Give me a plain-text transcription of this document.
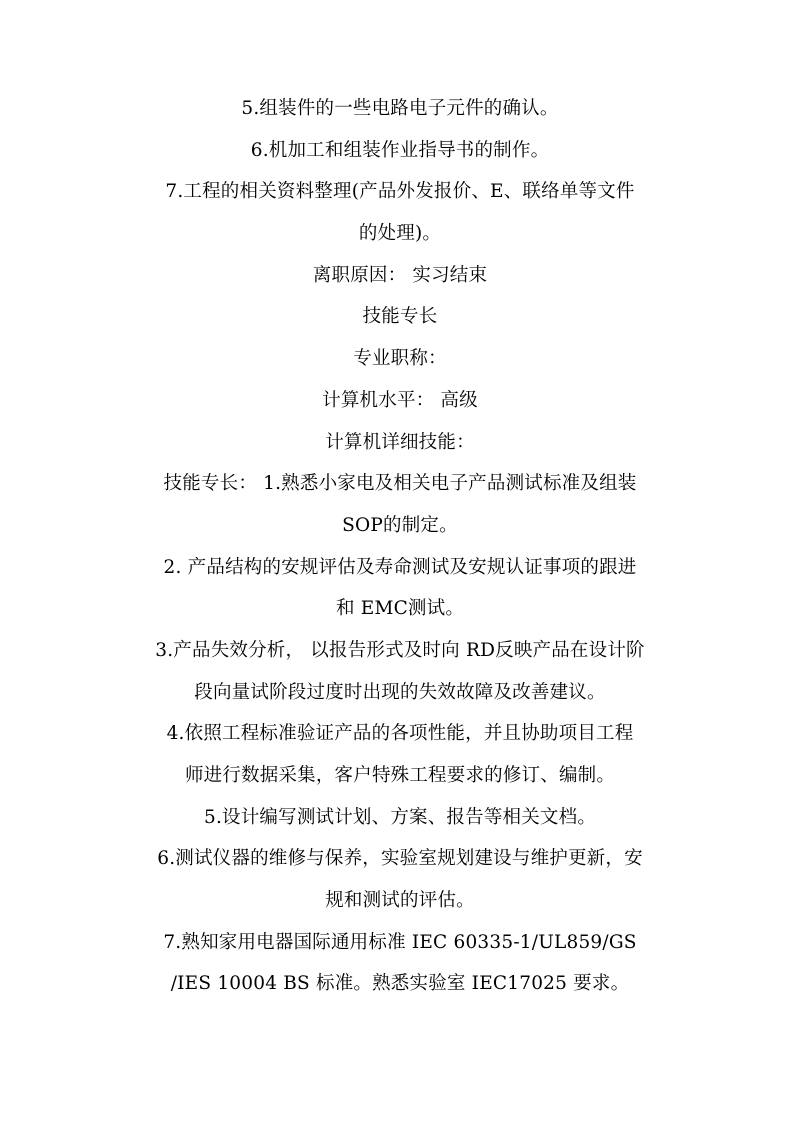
5.组装件的一些电路电子元件的确认。
6.机加工和组装作业指导书的制作。
7.工程的相关资料整理(产品外发报价、E、联络单等文件
的处理)。
离职原因： 实习结束
技能专长
专业职称：
计算机水平： 高级
计算机详细技能：
技能专长： 1.熟悉小家电及相关电子产品测试标准及组装
SOP的制定。
2. 产品结构的安规评估及寿命测试及安规认证事项的跟进
和 EMC测试。
3.产品失效分析， 以报告形式及时向 RD反映产品在设计阶
段向量试阶段过度时出现的失效故障及改善建议。
4.依照工程标准验证产品的各项性能，并且协助项目工程
师进行数据采集，客户特殊工程要求的修订、编制。
5.设计编写测试计划、方案、报告等相关文档。
6.测试仪器的维修与保养，实验室规划建设与维护更新，安
规和测试的评估。
7.熟知家用电器国际通用标准 IEC 60335-1/UL859/GS
/IES 10004 BS 标准。熟悉实验室 IEC17025 要求。
